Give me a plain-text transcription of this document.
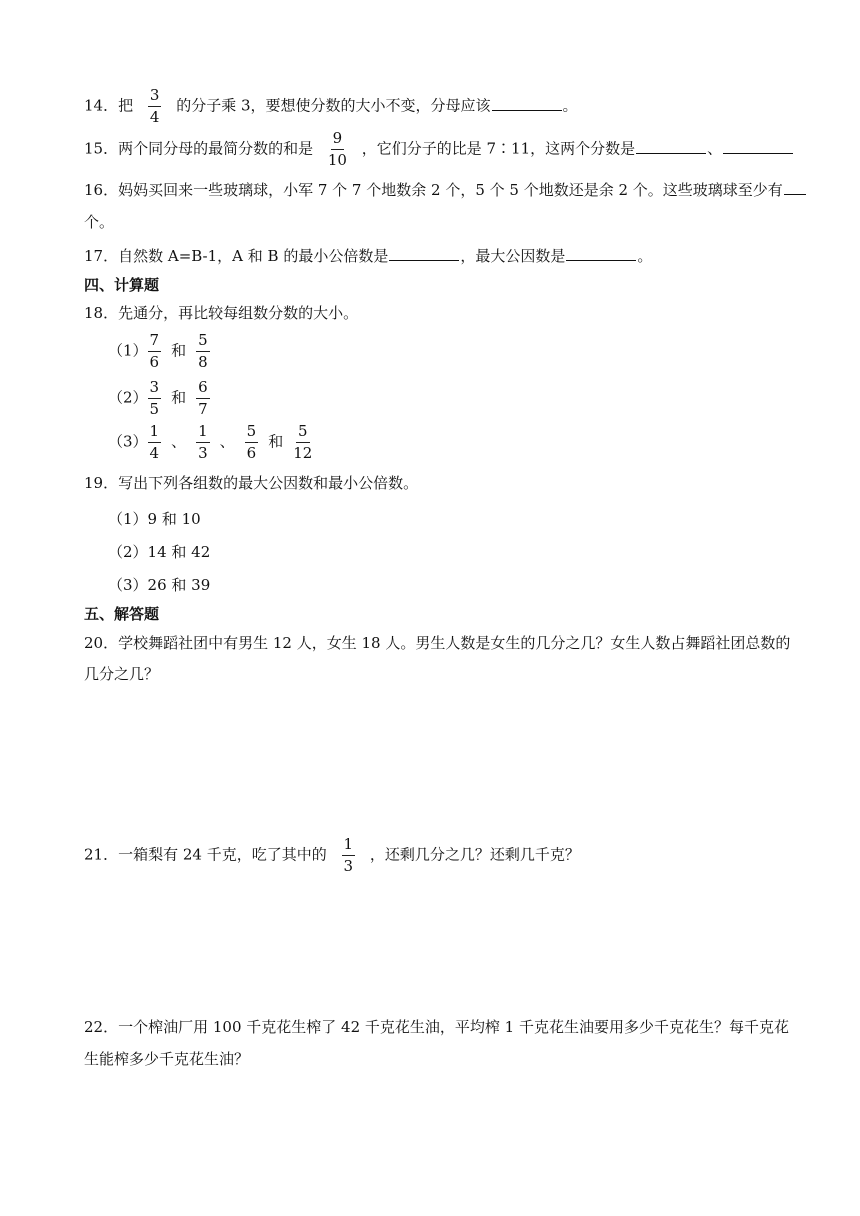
14．把 $\frac{3}{4}$ 的分子乘 3，要想使分数的大小不变，分母应该	。
15．两个同分母的最简分数的和是 $\frac{9}{10}$ ，它们分子的比是 7∶11，这两个分数是	、
16．妈妈买回来一些玻璃球，小军 7 个 7 个地数余 2 个，5 个 5 个地数还是余 2 个。这些玻璃球至少有
个。
17．自然数 A=B-1，A 和 B 的最小公倍数是	，最大公因数是	。
四、计算题
18．先通分，再比较每组数分数的大小。
$(1) \frac{7}{6}$ 和 $\frac{5}{8}$
$(2) \frac{3}{5}$ 和 $\frac{6}{7}$
$(3) \frac{1}{4}$ 、 $\frac{1}{3}$ 、 $\frac{5}{6}$ 和 $\frac{5}{12}$
19．写出下列各组数的最大公因数和最小公倍数。
（1）9 和 10
（2）14 和 42
（3）26 和 39
五、解答题
20．学校舞蹈社团中有男生 12 人，女生 18 人。男生人数是女生的几分之几？女生人数占舞蹈社团总数的
几分之几？
21．一箱梨有 24 千克，吃了其中的 $\frac{1}{3}$ ，还剩几分之几？还剩几千克？
22．一个榨油厂用 100 千克花生榨了 42 千克花生油，平均榨 1 千克花生油要用多少千克花生？每千克花
生能榨多少千克花生油？
